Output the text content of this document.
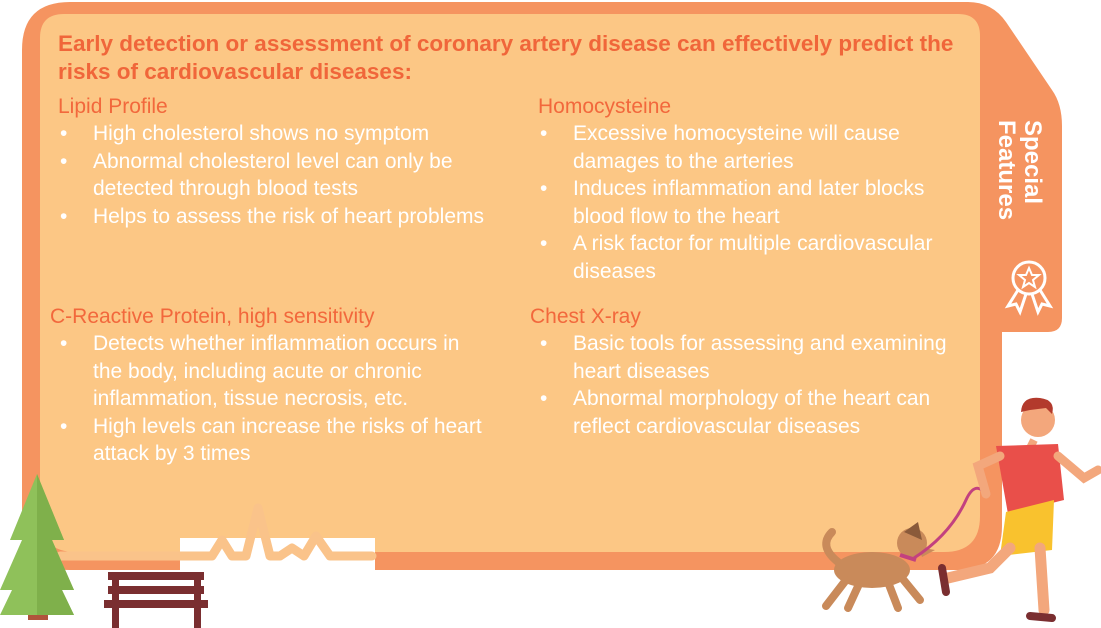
Early detection or assessment of coronary artery disease can effectively predict the risks of cardiovascular diseases:
Special Features
Lipid Profile
• High cholesterol shows no symptom
• Abnormal cholesterol level can only be detected through blood tests
• Helps to assess the risk of heart problems
Homocysteine
• Excessive homocysteine will cause damages to the arteries
• Induces inflammation and later blocks blood flow to the heart
• A risk factor for multiple cardiovascular diseases
C-Reactive Protein, high sensitivity
• Detects whether inflammation occurs in the body, including acute or chronic inflammation, tissue necrosis, etc.
• High levels can increase the risks of heart attack by 3 times
Chest X-ray
• Basic tools for assessing and examining heart diseases
• Abnormal morphology of the heart can reflect cardiovascular diseases
